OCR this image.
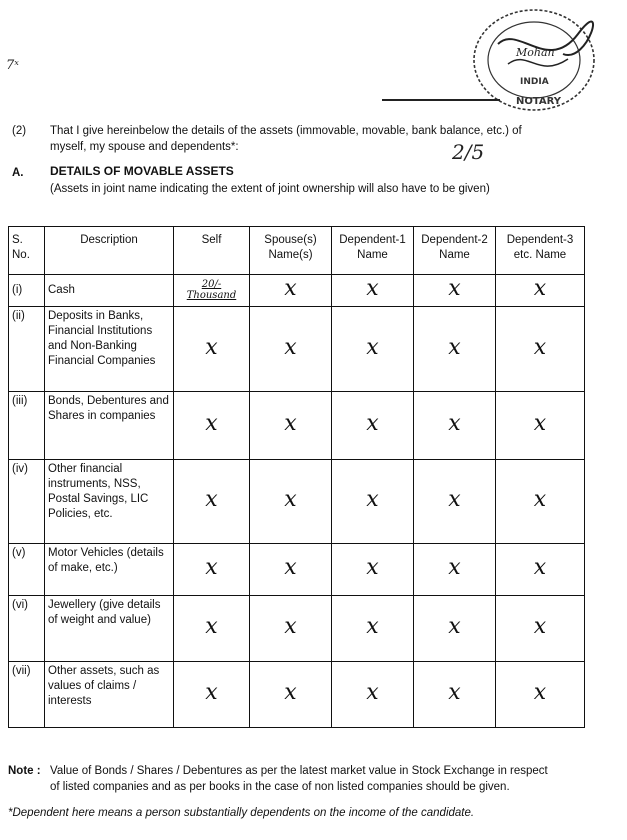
7ˣ
INDIA
NOTARY
Mohan
(2) That I give hereinbelow the details of the assets (immovable, movable, bank balance, etc.) of
myself, my spouse and dependents*:	2/5
A. DETAILS OF MOVABLE ASSETS
(Assets in joint name indicating the extent of joint ownership will also have to be given)
S. No.	Description	Self	Spouse(s) Name(s)	Dependent-1 Name	Dependent-2 Name	Dependent-3 etc. Name
(i)	Cash	20/- Thousand	x	x	x	x
(ii)	Deposits in Banks, Financial Institutions and Non-Banking Financial Companies	x	x	x	x	x
(iii)	Bonds, Debentures and Shares in companies	x	x	x	x	x
(iv)	Other financial instruments, NSS, Postal Savings, LIC Policies, etc.	x	x	x	x	x
(v)	Motor Vehicles (details of make, etc.)	x	x	x	x	x
(vi)	Jewellery (give details of weight and value)	x	x	x	x	x
(vii)	Other assets, such as values of claims / interests	x	x	x	x	x
Note : Value of Bonds / Shares / Debentures as per the latest market value in Stock Exchange in respect
of listed companies and as per books in the case of non listed companies should be given.
*Dependent here means a person substantially dependents on the income of the candidate.
